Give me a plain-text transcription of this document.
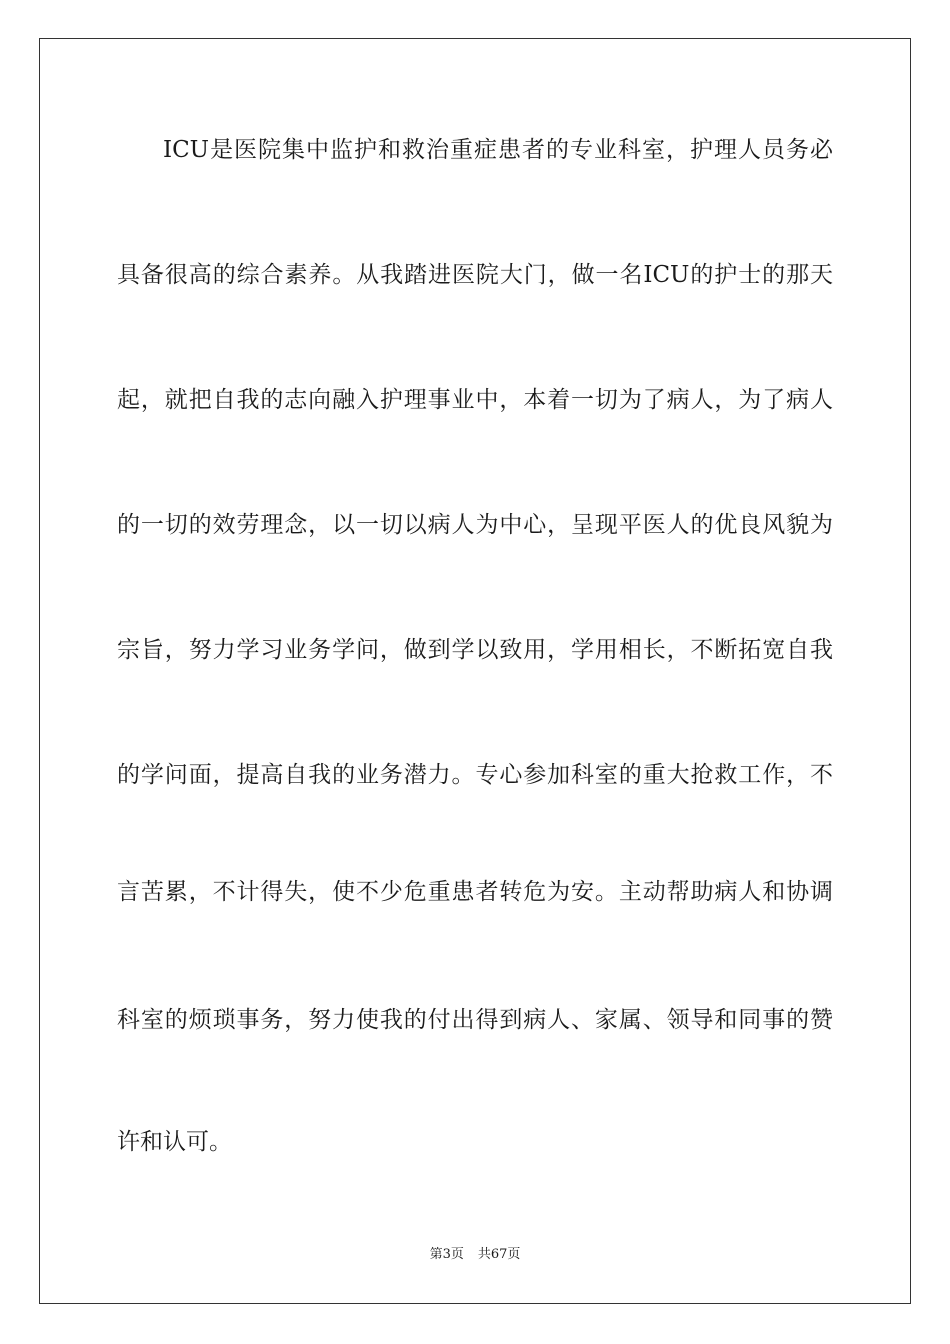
ICU是医院集中监护和救治重症患者的专业科室，护理人员务必
具备很高的综合素养。从我踏进医院大门，做一名ICU的护士的那天
起，就把自我的志向融入护理事业中，本着一切为了病人，为了病人
的一切的效劳理念，以一切以病人为中心，呈现平医人的优良风貌为
宗旨，努力学习业务学问，做到学以致用，学用相长，不断拓宽自我
的学问面，提高自我的业务潜力。专心参加科室的重大抢救工作，不
言苦累，不计得失，使不少危重患者转危为安。主动帮助病人和协调
科室的烦琐事务，努力使我的付出得到病人、家属、领导和同事的赞
许和认可。
第3页 共67页
